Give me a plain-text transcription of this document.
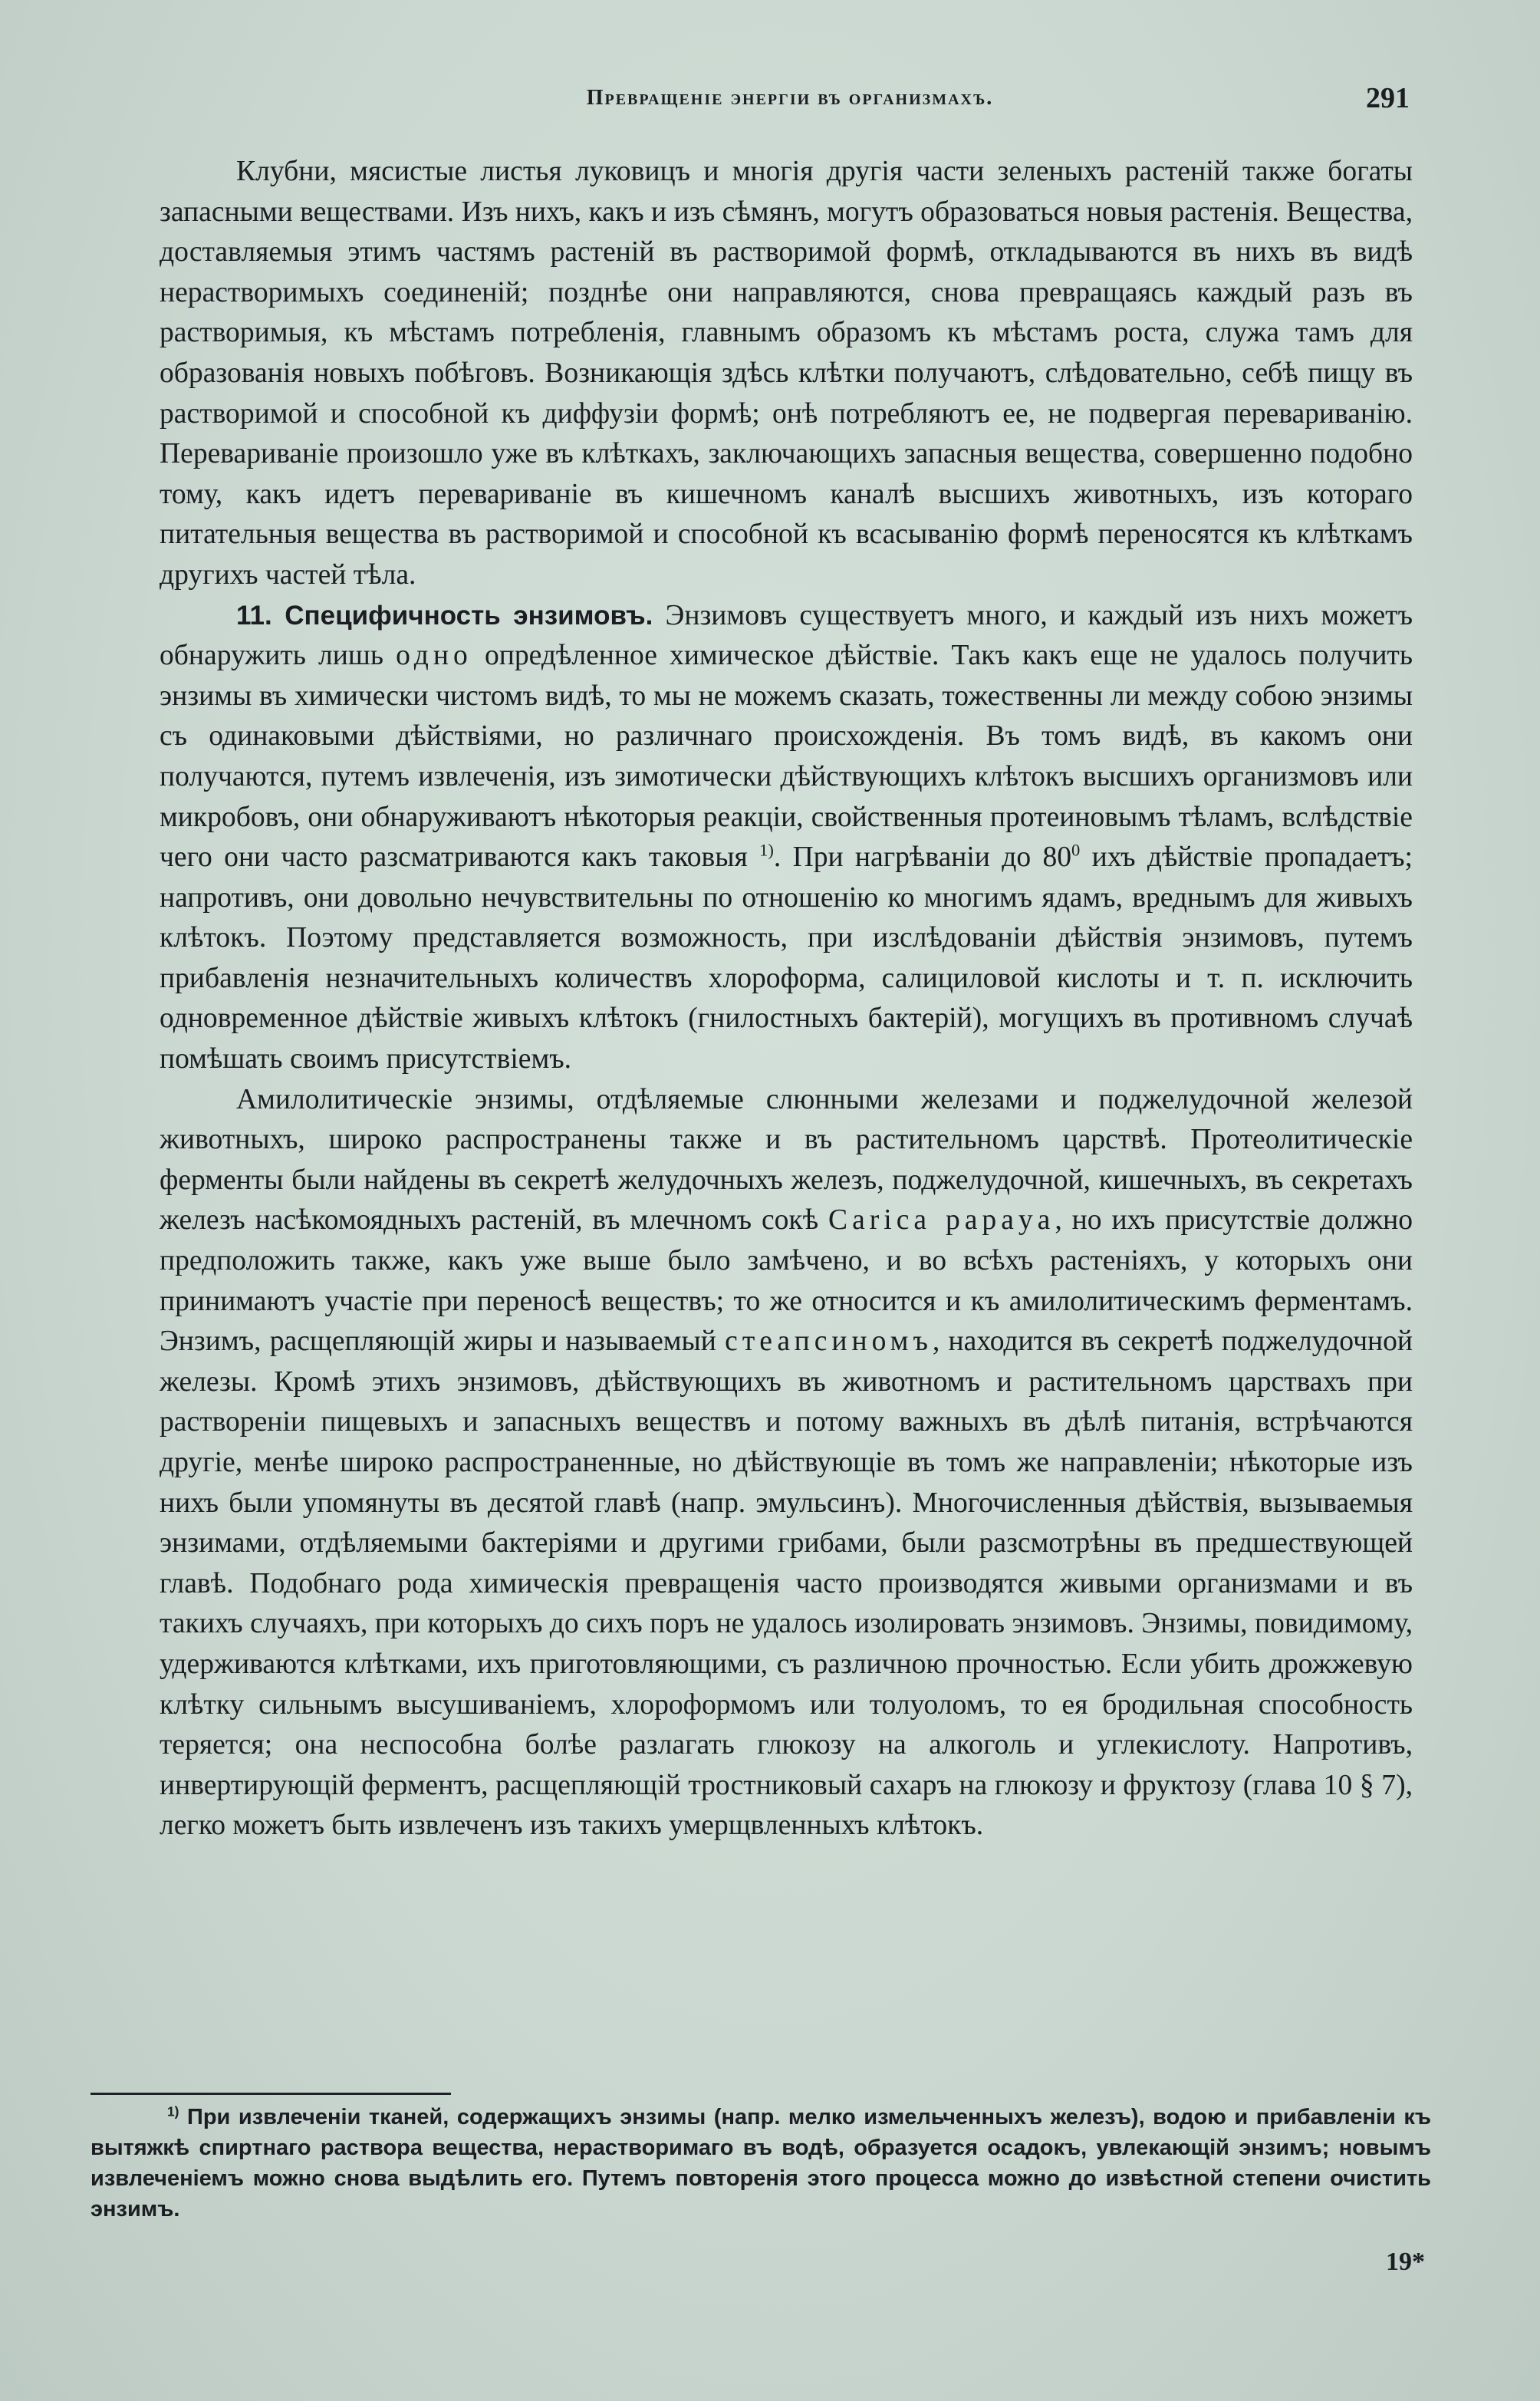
Превращеніе энергіи въ организмахъ.	291

Клубни, мясистые листья луковицъ и многія другія части зеленыхъ растеній также богаты запасными веществами. Изъ нихъ, какъ и изъ сѣмянъ, могутъ образоваться новыя растенія. Вещества, доставляемыя этимъ частямъ растеній въ растворимой формѣ, откладываются въ нихъ въ видѣ нерастворимыхъ соединеній; позднѣе они направляются, снова превращаясь каждый разъ въ растворимыя, къ мѣстамъ потребленія, главнымъ образомъ къ мѣстамъ роста, служа тамъ для образованія новыхъ побѣговъ. Возникающія здѣсь клѣтки получаютъ, слѣдовательно, себѣ пищу въ растворимой и способной къ диффузіи формѣ; онѣ потребляютъ ее, не подвергая перевариванію. Перевариваніе произошло уже въ клѣткахъ, заключающихъ запасныя вещества, совершенно подобно тому, какъ идетъ перевариваніе въ кишечномъ каналѣ высшихъ животныхъ, изъ котораго питательныя вещества въ растворимой и способной къ всасыванію формѣ переносятся къ клѣткамъ другихъ частей тѣла.

11. Специфичность энзимовъ. Энзимовъ существуетъ много, и каждый изъ нихъ можетъ обнаружить лишь одно опредѣленное химическое дѣйствіе. Такъ какъ еще не удалось получить энзимы въ химически чистомъ видѣ, то мы не можемъ сказать, тожественны ли между собою энзимы съ одинаковыми дѣйствіями, но различнаго происхожденія. Въ томъ видѣ, въ какомъ они получаются, путемъ извлеченія, изъ зимотически дѣйствующихъ клѣтокъ высшихъ организмовъ или микробовъ, они обнаруживаютъ нѣкоторыя реакціи, свойственныя протеиновымъ тѣламъ, вслѣдствіе чего они часто разсматриваются какъ таковыя $^{1)}$. При нагрѣваніи до $80^0$ ихъ дѣйствіе пропадаетъ; напротивъ, они довольно нечувствительны по отношенію ко многимъ ядамъ, вреднымъ для живыхъ клѣтокъ. Поэтому представляется возможность, при изслѣдованіи дѣйствія энзимовъ, путемъ прибавленія незначительныхъ количествъ хлороформа, салициловой кислоты и т. п. исключить одновременное дѣйствіе живыхъ клѣтокъ (гнилостныхъ бактерій), могущихъ въ противномъ случаѣ помѣшать своимъ присутствіемъ.

Амилолитическіе энзимы, отдѣляемые слюнными железами и поджелудочной железой животныхъ, широко распространены также и въ растительномъ царствѣ. Протеолитическіе ферменты были найдены въ секретѣ желудочныхъ железъ, поджелудочной, кишечныхъ, въ секретахъ железъ насѣкомоядныхъ растеній, въ млечномъ сокѣ Carica papaya, но ихъ присутствіе должно предположить также, какъ уже выше было замѣчено, и во всѣхъ растеніяхъ, у которыхъ они принимаютъ участіе при переносѣ веществъ; то же относится и къ амилолитическимъ ферментамъ. Энзимъ, расщепляющій жиры и называемый стеапсиномъ, находится въ секретѣ поджелудочной железы. Кромѣ этихъ энзимовъ, дѣйствующихъ въ животномъ и растительномъ царствахъ при раствореніи пищевыхъ и запасныхъ веществъ и потому важныхъ въ дѣлѣ питанія, встрѣчаются другіе, менѣе широко распространенные, но дѣйствующіе въ томъ же направленіи; нѣкоторые изъ нихъ были упомянуты въ десятой главѣ (напр. эмульсинъ). Многочисленныя дѣйствія, вызываемыя энзимами, отдѣляемыми бактеріями и другими грибами, были разсмотрѣны въ предшествующей главѣ. Подобнаго рода химическія превращенія часто производятся живыми организмами и въ такихъ случаяхъ, при которыхъ до сихъ поръ не удалось изолировать энзимовъ. Энзимы, повидимому, удерживаются клѣтками, ихъ приготовляющими, съ различною прочностью. Если убить дрожжевую клѣтку сильнымъ высушиваніемъ, хлороформомъ или толуоломъ, то ея бродильная способность теряется; она неспособна болѣе разлагать глюкозу на алкоголь и углекислоту. Напротивъ, инвертирующій ферментъ, расщепляющій тростниковый сахаръ на глюкозу и фруктозу (глава 10 § 7), легко можетъ быть извлеченъ изъ такихъ умерщвленныхъ клѣтокъ.

$^{1)}$ При извлеченіи тканей, содержащихъ энзимы (напр. мелко измельченныхъ железъ), водою и прибавленіи къ вытяжкѣ спиртнаго раствора вещества, нерастворимаго въ водѣ, образуется осадокъ, увлекающій энзимъ; новымъ извлеченіемъ можно снова выдѣлить его. Путемъ повторенія этого процесса можно до извѣстной степени очистить энзимъ.

19*
